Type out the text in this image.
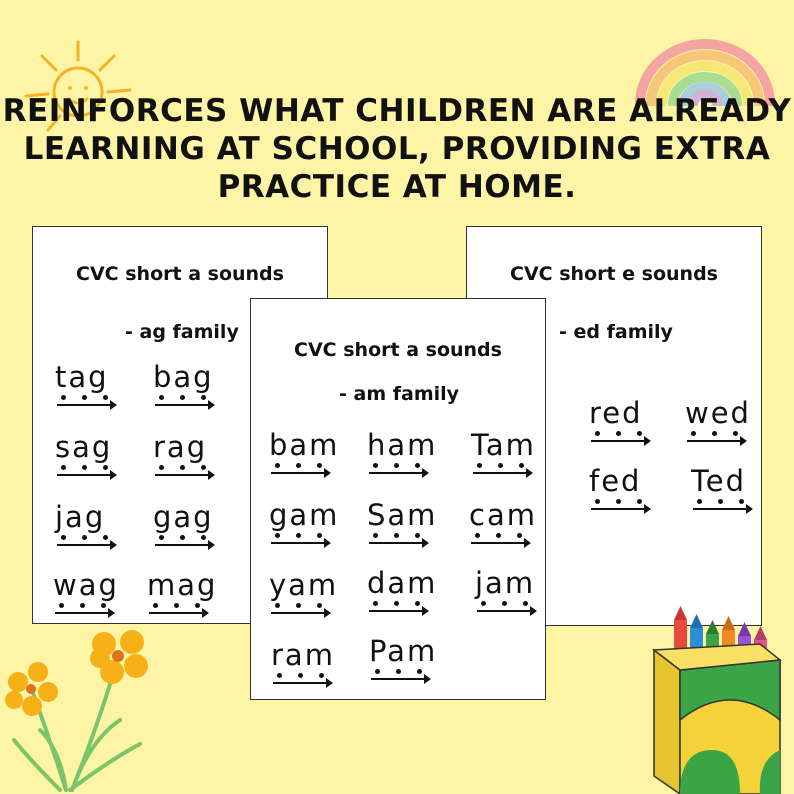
REINFORCES WHAT CHILDREN ARE ALREADY
LEARNING AT SCHOOL, PROVIDING EXTRA
PRACTICE AT HOME.
CVC short a sounds
- ag family
tag	bag
sag	rag
jag	gag
wag mag
CVC short e sounds
- ed family
red	wed
fed	Ted
CVC short a sounds
- am family
bam ham	Tam
gam Sam	cam
yam dam	jam
ram	Pam
